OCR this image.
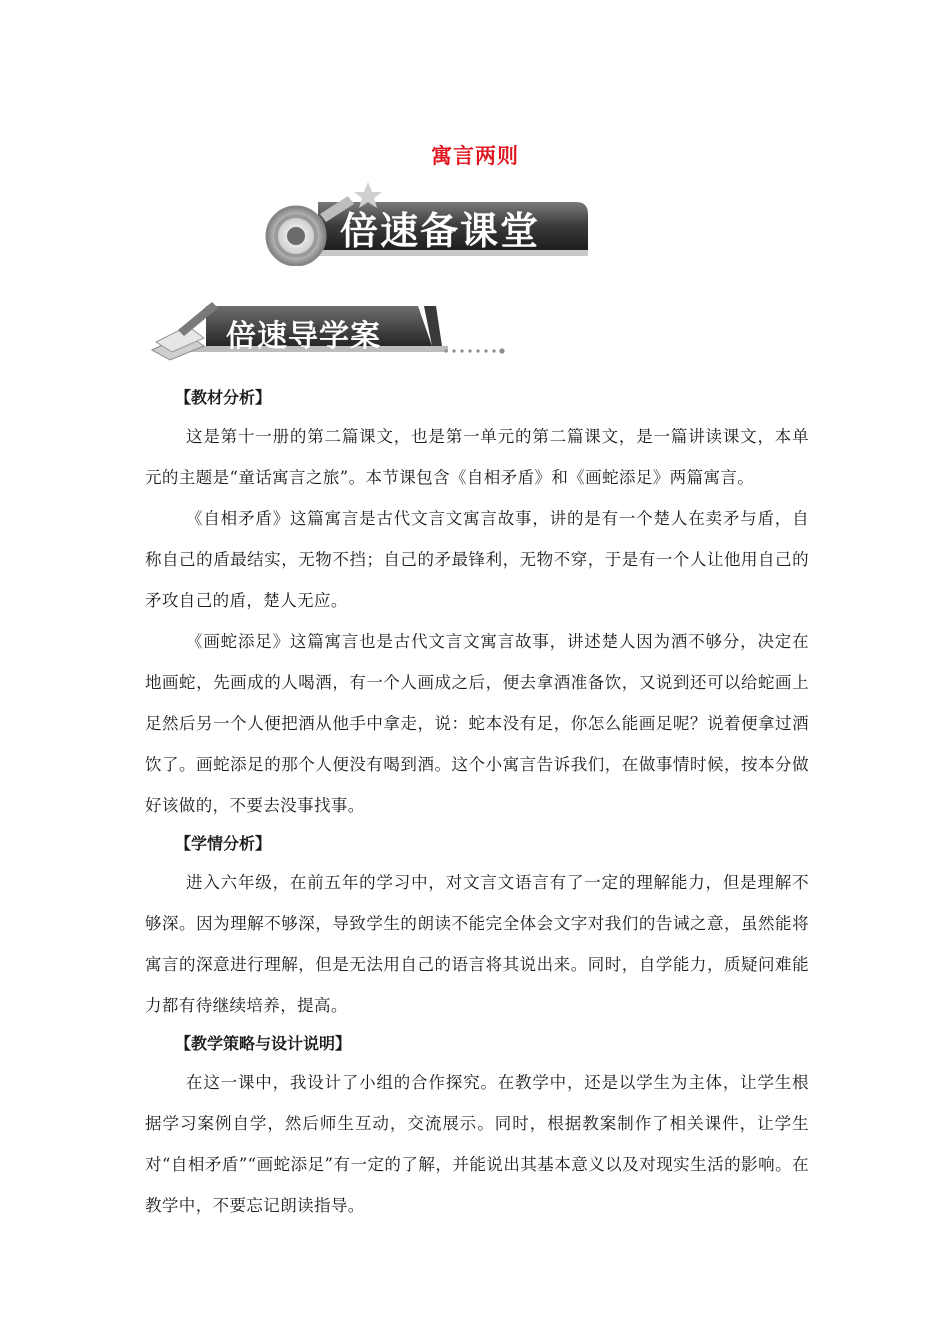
寓言两则
倍速备课堂
倍速导学案
【教材分析】

这是第十一册的第二篇课文，也是第一单元的第二篇课文，是一篇讲读课文，本单元的主题是“童话寓言之旅”。本节课包含《自相矛盾》和《画蛇添足》两篇寓言。

《自相矛盾》这篇寓言是古代文言文寓言故事，讲的是有一个楚人在卖矛与盾，自称自己的盾最结实，无物不挡；自己的矛最锋利，无物不穿，于是有一个人让他用自己的矛攻自己的盾，楚人无应。

《画蛇添足》这篇寓言也是古代文言文寓言故事，讲述楚人因为酒不够分，决定在地画蛇，先画成的人喝酒，有一个人画成之后，便去拿酒准备饮，又说到还可以给蛇画上足然后另一个人便把酒从他手中拿走，说：蛇本没有足，你怎么能画足呢？说着便拿过酒饮了。画蛇添足的那个人便没有喝到酒。这个小寓言告诉我们，在做事情时候，按本分做好该做的，不要去没事找事。

【学情分析】

进入六年级，在前五年的学习中，对文言文语言有了一定的理解能力，但是理解不够深。因为理解不够深，导致学生的朗读不能完全体会文字对我们的告诫之意，虽然能将寓言的深意进行理解，但是无法用自己的语言将其说出来。同时，自学能力，质疑问难能力都有待继续培养，提高。

【教学策略与设计说明】

在这一课中，我设计了小组的合作探究。在教学中，还是以学生为主体，让学生根据学习案例自学，然后师生互动，交流展示。同时，根据教案制作了相关课件，让学生对“自相矛盾”“画蛇添足”有一定的了解，并能说出其基本意义以及对现实生活的影响。在教学中，不要忘记朗读指导。
